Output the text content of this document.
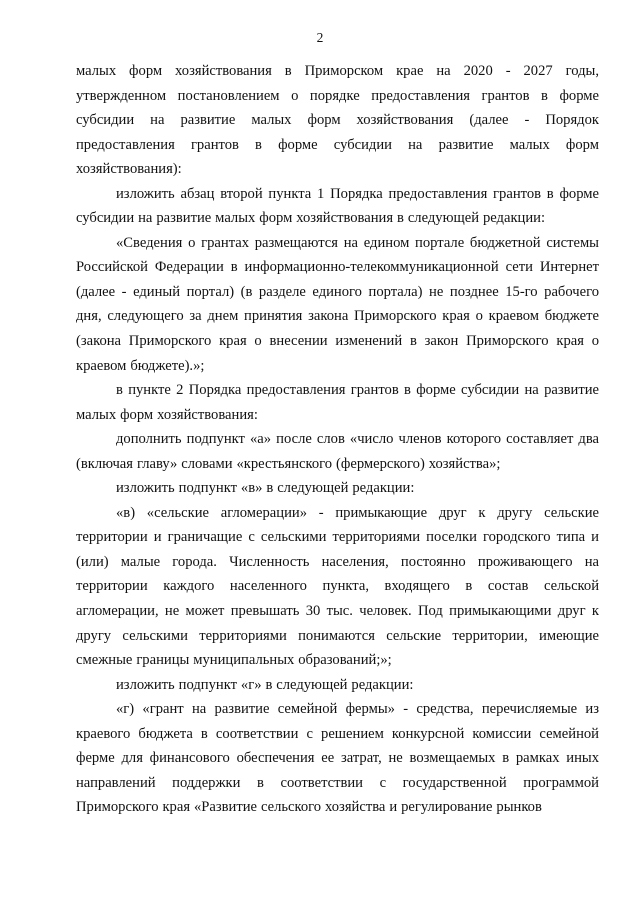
2

малых форм хозяйствования в Приморском крае на 2020 - 2027 годы, утвержденном постановлением о порядке предоставления грантов в форме субсидии на развитие малых форм хозяйствования (далее - Порядок предоставления грантов в форме субсидии на развитие малых форм хозяйствования):

изложить абзац второй пункта 1 Порядка предоставления грантов в форме субсидии на развитие малых форм хозяйствования в следующей редакции:

«Сведения о грантах размещаются на едином портале бюджетной системы Российской Федерации в информационно-телекоммуникационной сети Интернет (далее - единый портал) (в разделе единого портала) не позднее 15-го рабочего дня, следующего за днем принятия закона Приморского края о краевом бюджете (закона Приморского края о внесении изменений в закон Приморского края о краевом бюджете).»;

в пункте 2 Порядка предоставления грантов в форме субсидии на развитие малых форм хозяйствования:

дополнить подпункт «а» после слов «число членов которого составляет два (включая главу» словами «крестьянского (фермерского) хозяйства»;

изложить подпункт «в» в следующей редакции:

«в) «сельские агломерации» - примыкающие друг к другу сельские территории и граничащие с сельскими территориями поселки городского типа и (или) малые города. Численность населения, постоянно проживающего на территории каждого населенного пункта, входящего в состав сельской агломерации, не может превышать 30 тыс. человек. Под примыкающими друг к другу сельскими территориями понимаются сельские территории, имеющие смежные границы муниципальных образований;»;

изложить подпункт «г» в следующей редакции:

«г) «грант на развитие семейной фермы» - средства, перечисляемые из краевого бюджета в соответствии с решением конкурсной комиссии семейной ферме для финансового обеспечения ее затрат, не возмещаемых в рамках иных направлений поддержки в соответствии с государственной программой Приморского края «Развитие сельского хозяйства и регулирование рынков
